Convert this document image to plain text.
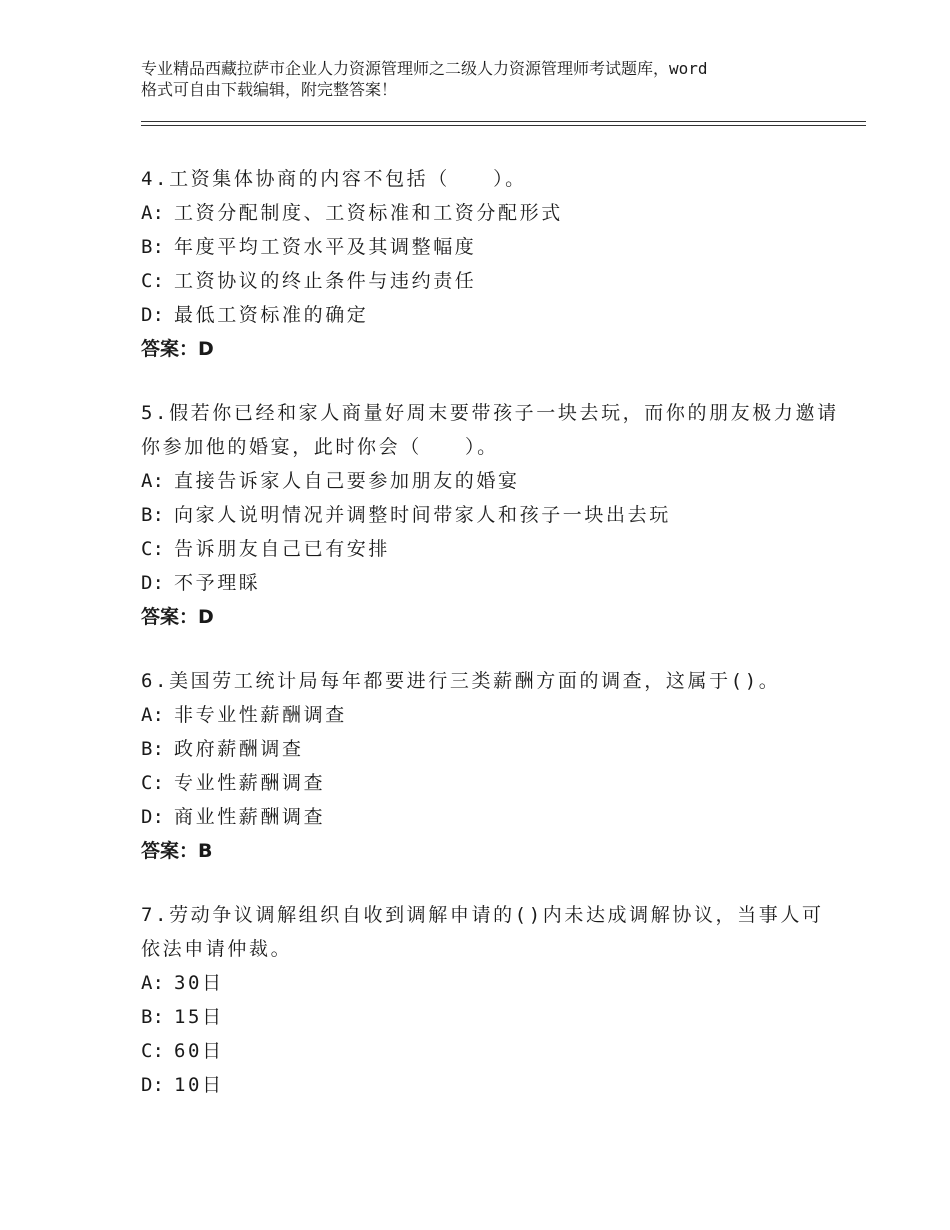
专业精品西藏拉萨市企业人力资源管理师之二级人力资源管理师考试题库，word
格式可自由下载编辑，附完整答案！
4.工资集体协商的内容不包括（　　）。
A: 工资分配制度、工资标准和工资分配形式
B: 年度平均工资水平及其调整幅度
C: 工资协议的终止条件与违约责任
D: 最低工资标准的确定
答案：D
5.假若你已经和家人商量好周末要带孩子一块去玩，而你的朋友极力邀请你参加他的婚宴，此时你会（　　）。
A: 直接告诉家人自己要参加朋友的婚宴
B: 向家人说明情况并调整时间带家人和孩子一块出去玩
C: 告诉朋友自己已有安排
D: 不予理睬
答案：D
6.美国劳工统计局每年都要进行三类薪酬方面的调查，这属于()。
A: 非专业性薪酬调查
B: 政府薪酬调查
C: 专业性薪酬调查
D: 商业性薪酬调查
答案：B
7.劳动争议调解组织自收到调解申请的()内未达成调解协议，当事人可依法申请仲裁。
A: 30日
B: 15日
C: 60日
D: 10日
